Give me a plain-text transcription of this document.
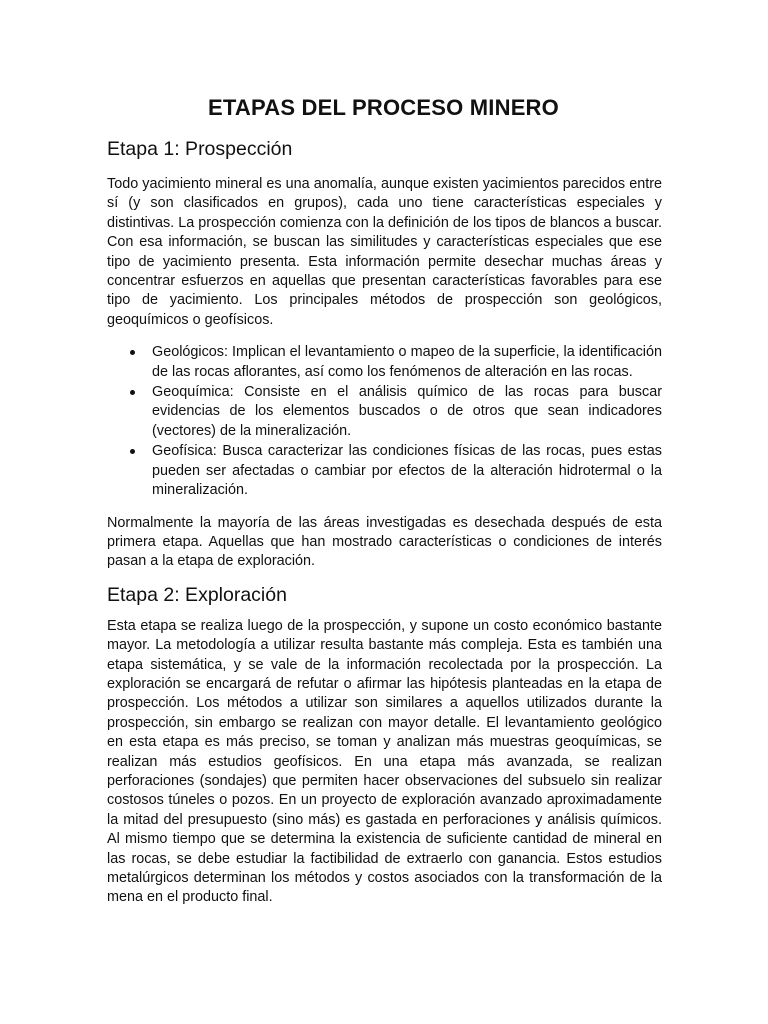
ETAPAS DEL PROCESO MINERO
Etapa 1: Prospección

Todo yacimiento mineral es una anomalía, aunque existen yacimientos parecidos entre sí (y son clasificados en grupos), cada uno tiene características especiales y distintivas. La prospección comienza con la definición de los tipos de blancos a buscar. Con esa información, se buscan las similitudes y características especiales que ese tipo de yacimiento presenta. Esta información permite desechar muchas áreas y concentrar esfuerzos en aquellas que presentan características favorables para ese tipo de yacimiento. Los principales métodos de prospección son geológicos, geoquímicos o geofísicos.

Geológicos: Implican el levantamiento o mapeo de la superficie, la identificación de las rocas aflorantes, así como los fenómenos de alteración en las rocas.
Geoquímica: Consiste en el análisis químico de las rocas para buscar evidencias de los elementos buscados o de otros que sean indicadores (vectores) de la mineralización.
Geofísica: Busca caracterizar las condiciones físicas de las rocas, pues estas pueden ser afectadas o cambiar por efectos de la alteración hidrotermal o la mineralización.

Normalmente la mayoría de las áreas investigadas es desechada después de esta primera etapa. Aquellas que han mostrado características o condiciones de interés pasan a la etapa de exploración.

Etapa 2: Exploración

Esta etapa se realiza luego de la prospección, y supone un costo económico bastante mayor. La metodología a utilizar resulta bastante más compleja. Esta es también una etapa sistemática, y se vale de la información recolectada por la prospección. La exploración se encargará de refutar o afirmar las hipótesis planteadas en la etapa de prospección. Los métodos a utilizar son similares a aquellos utilizados durante la prospección, sin embargo se realizan con mayor detalle. El levantamiento geológico en esta etapa es más preciso, se toman y analizan más muestras geoquímicas, se realizan más estudios geofísicos. En una etapa más avanzada, se realizan perforaciones (sondajes) que permiten hacer observaciones del subsuelo sin realizar costosos túneles o pozos. En un proyecto de exploración avanzado aproximadamente la mitad del presupuesto (sino más) es gastada en perforaciones y análisis químicos. Al mismo tiempo que se determina la existencia de suficiente cantidad de mineral en las rocas, se debe estudiar la factibilidad de extraerlo con ganancia. Estos estudios metalúrgicos determinan los métodos y costos asociados con la transformación de la mena en el producto final.
